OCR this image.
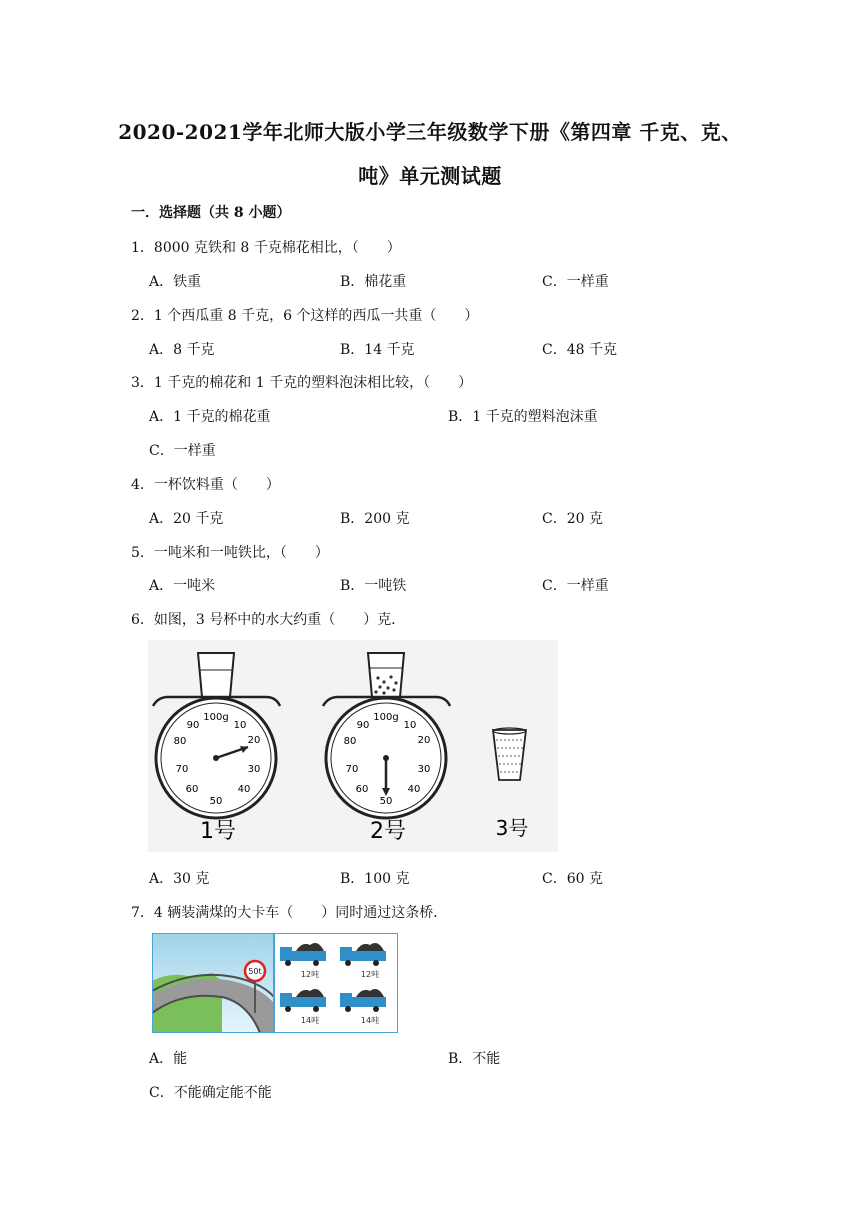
2020-2021学年北师大版小学三年级数学下册《第四章 千克、克、
吨》单元测试题
一．选择题（共 8 小题）
1．8000 克铁和 8 千克棉花相比，（　　）
A．铁重	B．棉花重	C．一样重
2．1 个西瓜重 8 千克，6 个这样的西瓜一共重（　　）
A．8 千克	B．14 千克	C．48 千克
3．1 千克的棉花和 1 千克的塑料泡沫相比较，（　　）
A．1 千克的棉花重	B．1 千克的塑料泡沫重
C．一样重
4．一杯饮料重（　　）
A．20 千克	B．200 克	C．20 克
5．一吨米和一吨铁比，（　　）
A．一吨米	B．一吨铁	C．一样重
6．如图，3 号杯中的水大约重（　　）克．
100g
10
20
30
40
50
60
70
80
90
1号
100g
10
20
30
40
50
60
70
80
90
2号	3号
A．30 克	B．100 克	C．60 克
7．4 辆装满煤的大卡车（　　）同时通过这条桥．
50t	12吨	12吨
14吨	14吨
A．能	B．不能
C．不能确定能不能
